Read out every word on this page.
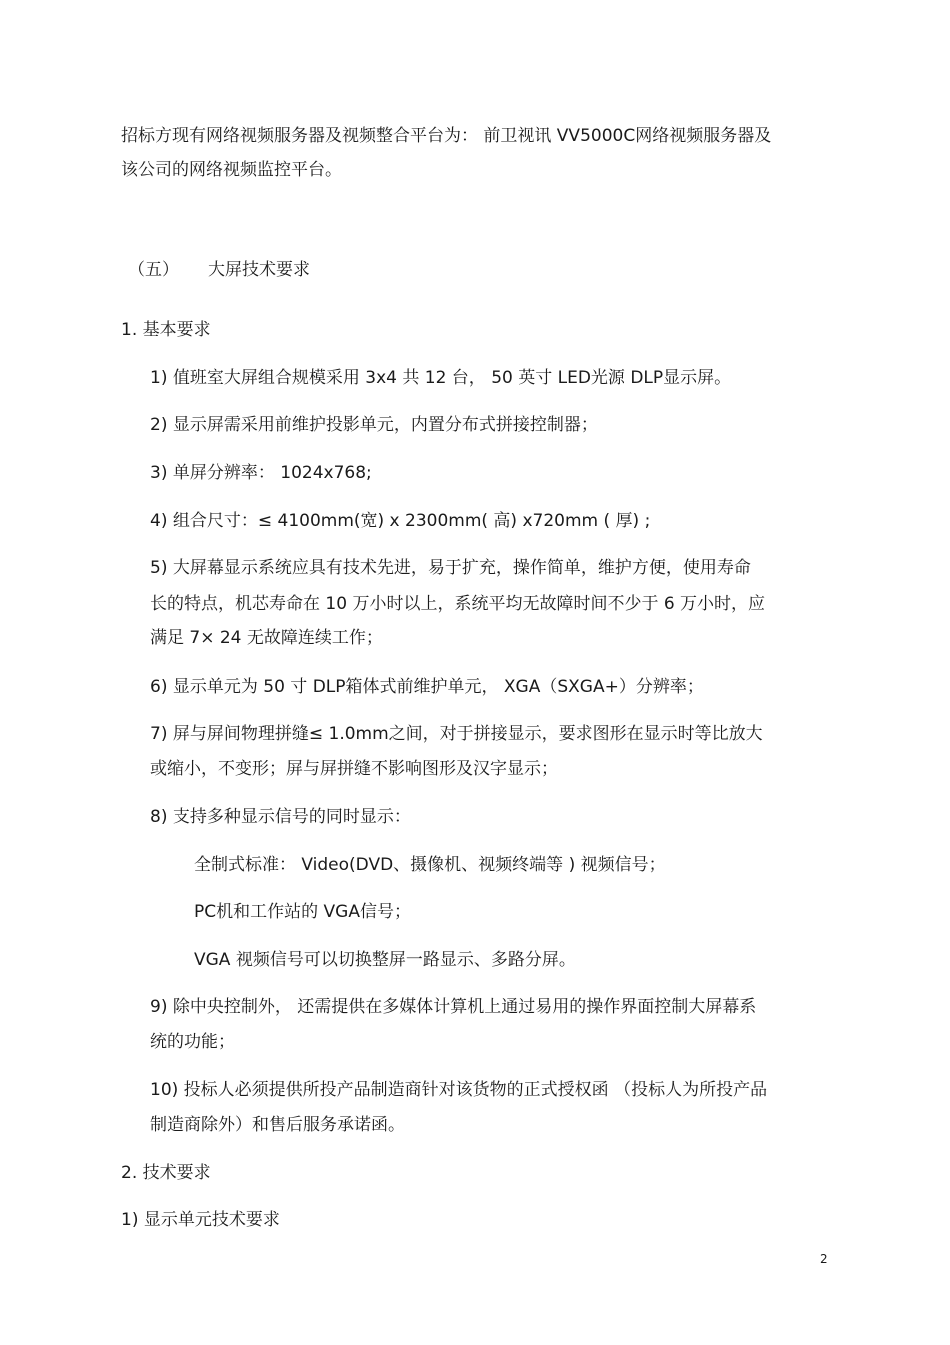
招标方现有网络视频服务器及视频整合平台为： 前卫视讯 VV5000C网络视频服务器及
该公司的网络视频监控平台。
（五） 大屏技术要求
1. 基本要求
1) 值班室大屏组合规模采用 3x4 共 12 台， 50 英寸 LED光源 DLP显示屏。
2) 显示屏需采用前维护投影单元，内置分布式拼接控制器；
3) 单屏分辨率： 1024x768;
4) 组合尺寸：≤ 4100mm(宽) x 2300mm( 高) x720mm ( 厚) ;
5) 大屏幕显示系统应具有技术先进，易于扩充，操作简单，维护方便，使用寿命
长的特点，机芯寿命在 10 万小时以上，系统平均无故障时间不少于 6 万小时，应
满足 7× 24 无故障连续工作；
6) 显示单元为 50 寸 DLP箱体式前维护单元， XGA（SXGA+）分辨率；
7) 屏与屏间物理拼缝≤ 1.0mm之间，对于拼接显示，要求图形在显示时等比放大
或缩小，不变形；屏与屏拼缝不影响图形及汉字显示；
8) 支持多种显示信号的同时显示：
全制式标准： Video(DVD、摄像机、视频终端等 ) 视频信号；
PC机和工作站的 VGA信号；
VGA 视频信号可以切换整屏一路显示、多路分屏。
9) 除中央控制外， 还需提供在多媒体计算机上通过易用的操作界面控制大屏幕系
统的功能；
10) 投标人必须提供所投产品制造商针对该货物的正式授权函 （投标人为所投产品
制造商除外）和售后服务承诺函。
2. 技术要求
1) 显示单元技术要求
2
